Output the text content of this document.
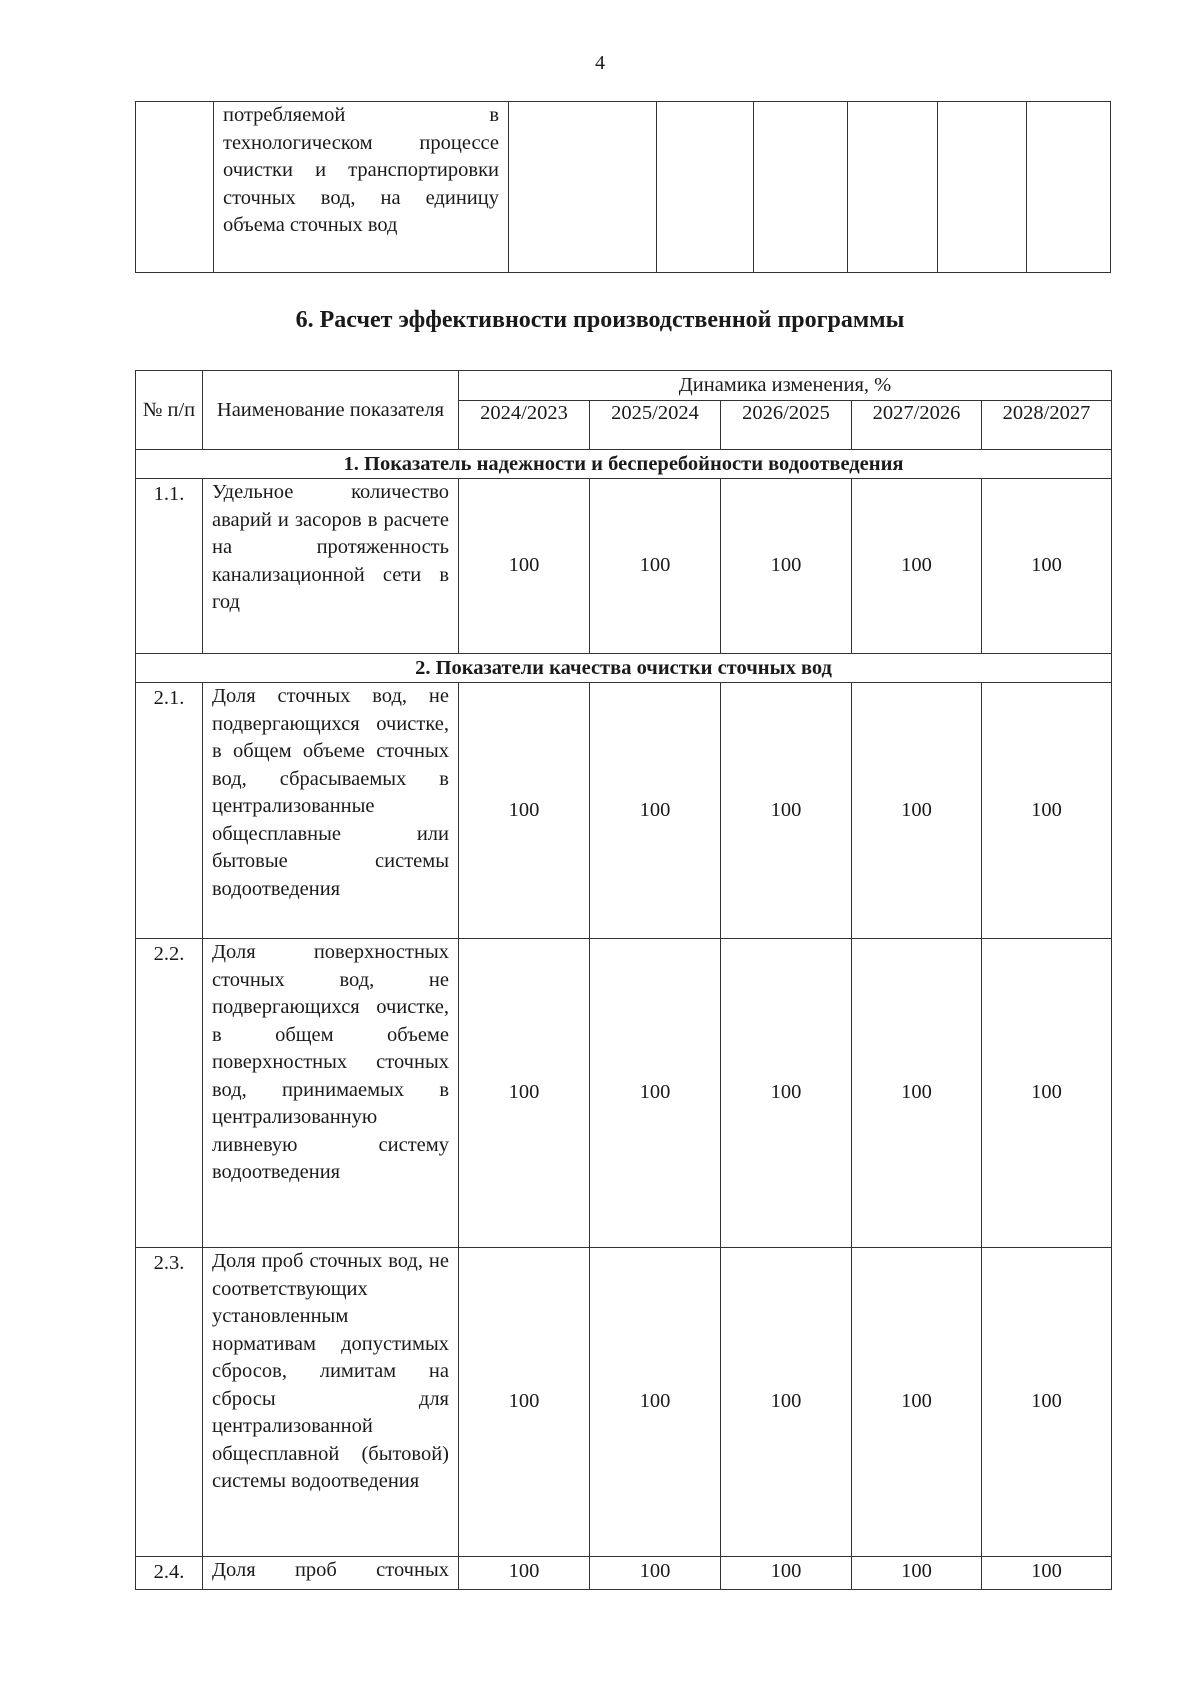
4
	потребляемой в технологическом процессе очистки и транспортировки сточных вод, на единицу объема сточных вод						
6. Расчет эффективности производственной программы
№ п/п	Наименование показателя	Динамика изменения, %				
		2024/2023	2025/2024	2026/2025	2027/2026	2028/2027
1. Показатель надежности и бесперебойности водоотведения						
1.1.	Удельное количество аварий и засоров в расчете на протяженность канализационной сети в год	100	100	100	100	100
2. Показатели качества очистки сточных вод						
2.1.	Доля сточных вод, не подвергающихся очистке, в общем объеме сточных вод, сбрасываемых в централизованные общесплавные или бытовые системы водоотведения	100	100	100	100	100
2.2.	Доля поверхностных сточных вод, не подвергающихся очистке, в общем объеме поверхностных сточных вод, принимаемых в централизованную ливневую систему водоотведения	100	100	100	100	100
2.3.	Доля проб сточных вод, не соответствующих установленным нормативам допустимых сбросов, лимитам на сбросы для централизованной общесплавной (бытовой) системы водоотведения	100	100	100	100	100
2.4.	Доля проб сточных	100	100	100	100	100
